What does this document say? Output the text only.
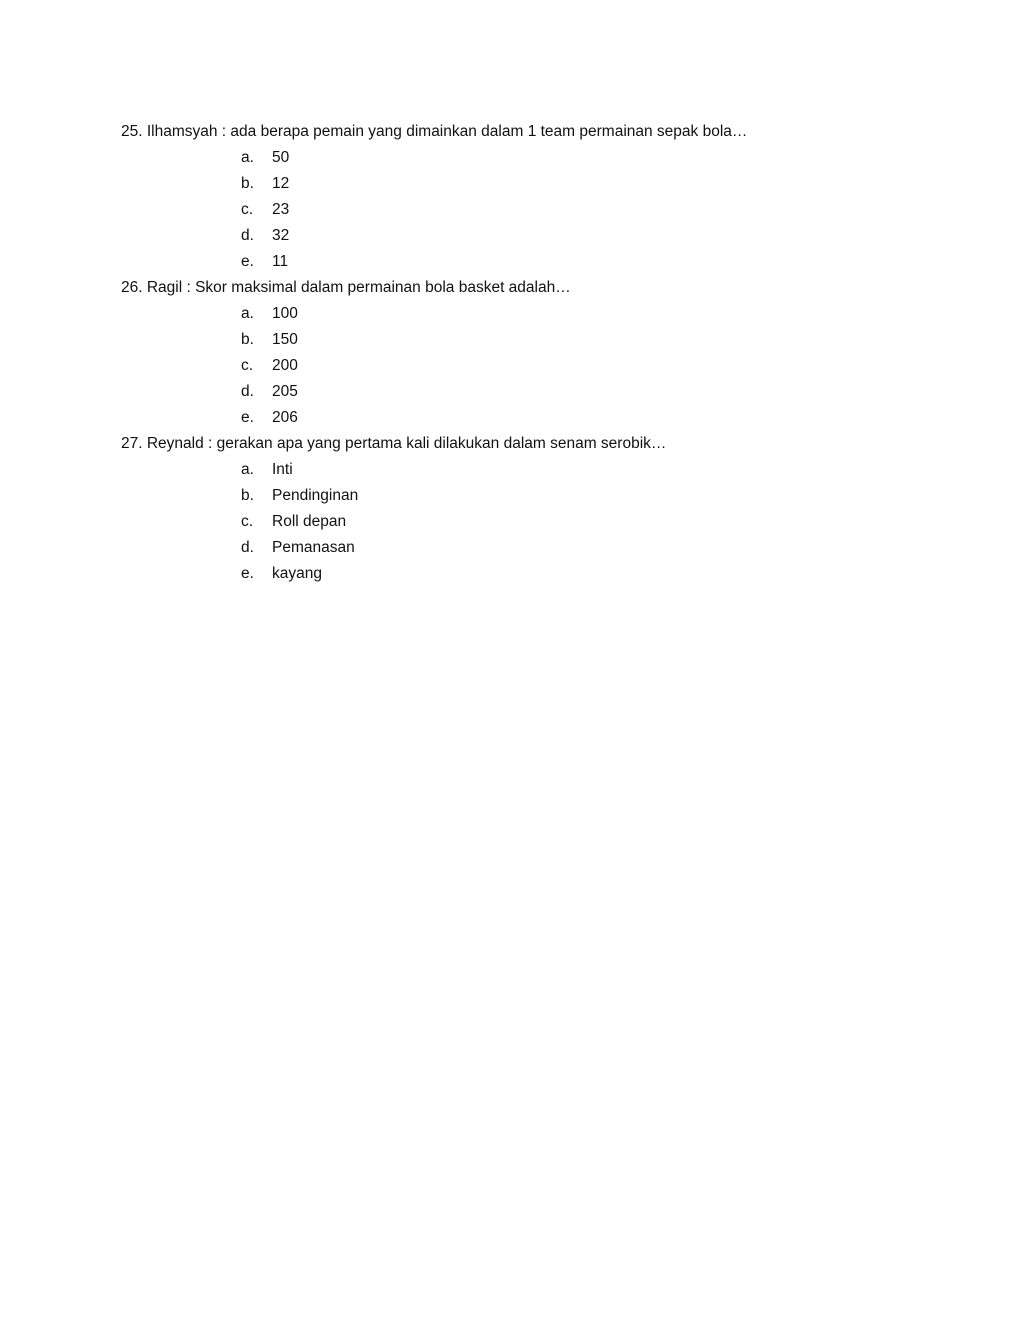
25. Ilhamsyah : ada berapa pemain yang dimainkan dalam 1 team permainan sepak bola…
a.	50
b.	12
c.	23
d.	32
e.	11
26. Ragil : Skor maksimal dalam permainan bola basket adalah…
a.	100
b.	150
c.	200
d.	205
e.	206
27. Reynald : gerakan apa yang pertama kali dilakukan dalam senam serobik…
a.	Inti
b.	Pendinginan
c.	Roll depan
d.	Pemanasan
e.	kayang
